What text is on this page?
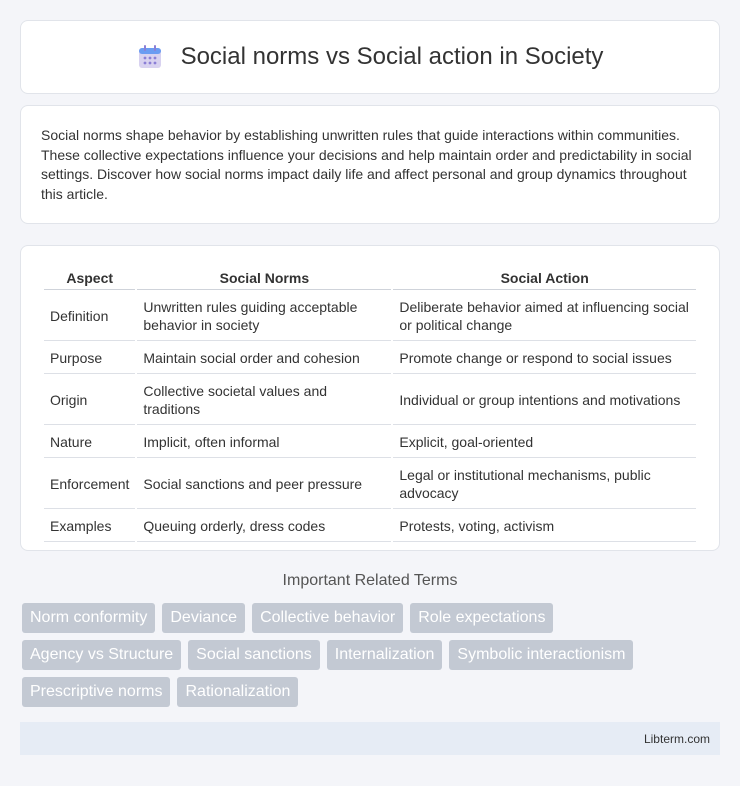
Social norms vs Social action in Society

Social norms shape behavior by establishing unwritten rules that guide interactions within communities. These collective expectations influence your decisions and help maintain order and predictability in social settings. Discover how social norms impact daily life and affect personal and group dynamics throughout this article.

Aspect	Social Norms	Social Action
Definition	Unwritten rules guiding acceptable behavior in society	Deliberate behavior aimed at influencing social or political change
Purpose	Maintain social order and cohesion	Promote change or respond to social issues
Origin	Collective societal values and traditions	Individual or group intentions and motivations
Nature	Implicit, often informal	Explicit, goal-oriented
Enforcement	Social sanctions and peer pressure	Legal or institutional mechanisms, public advocacy
Examples	Queuing orderly, dress codes	Protests, voting, activism
Important Related Terms
Norm conformity	Deviance	Collective behavior	Role expectations
Agency vs Structure	Social sanctions	Internalization	Symbolic interactionism
Prescriptive norms	Rationalization
Libterm.com
